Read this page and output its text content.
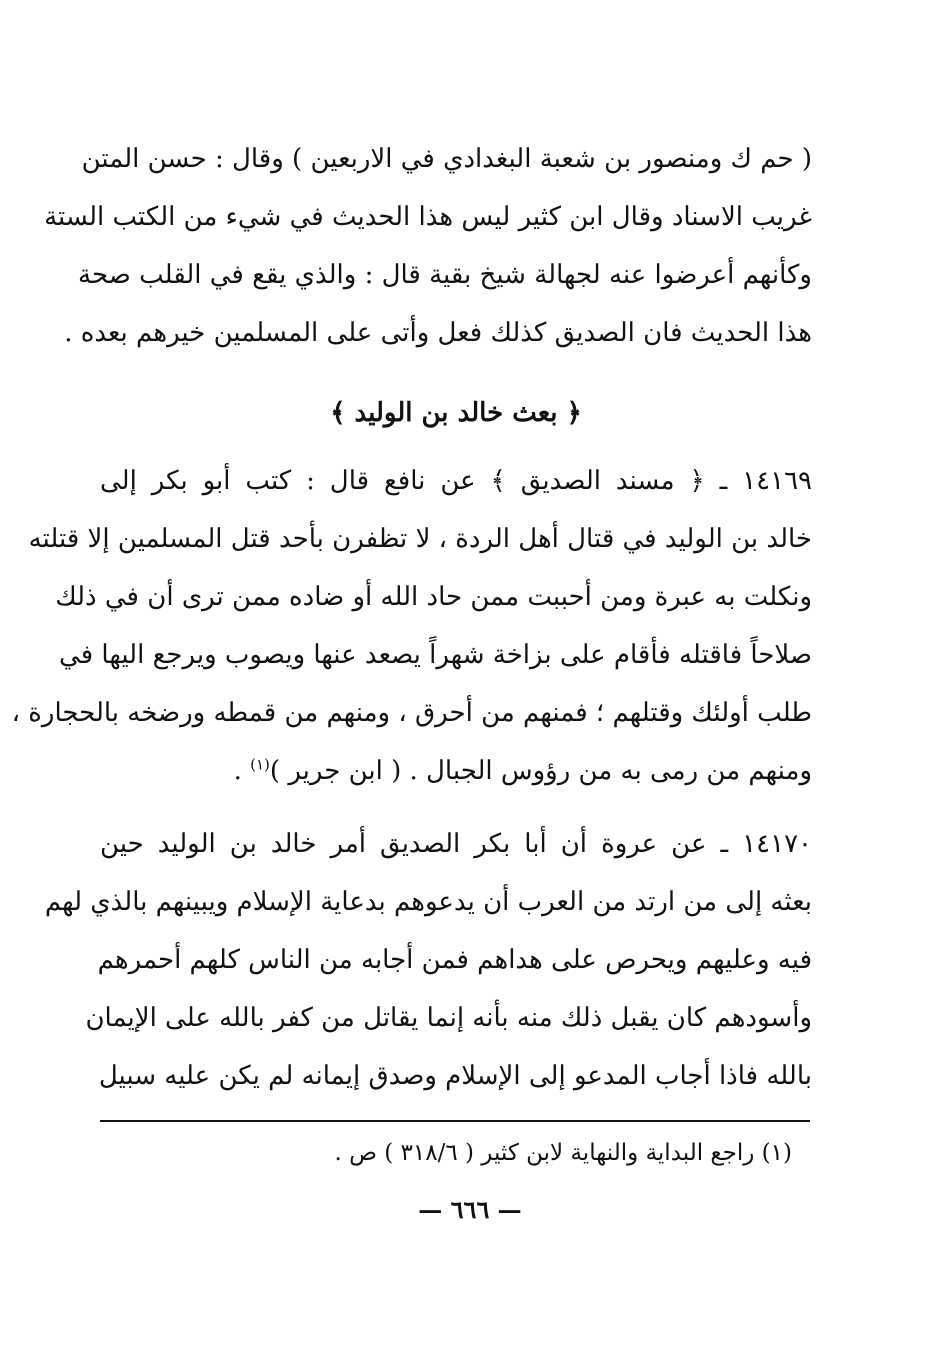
( حم ك ومنصور بن شعبة البغدادي في الاربعين ) وقال : حسن المتن
غريب الاسناد وقال ابن كثير ليس هذا الحديث في شيء من الكتب الستة
وكأنهم أعرضوا عنه لجهالة شيخ بقية قال : والذي يقع في القلب صحة
هذا الحديث فان الصديق كذلك فعل وأتى على المسلمين خيرهم بعده .
﴿ بعث خالد بن الوليد ﴾
١٤١٦٩ ـ ﴿ مسند الصديق ﴾ عن نافع قال : كتب أبو بكر إلى
خالد بن الوليد في قتال أهل الردة ، لا تظفرن بأحد قتل المسلمين إلا قتلته
ونكلت به عبرة ومن أحببت ممن حاد الله أو ضاده ممن ترى أن في ذلك
صلاحاً فاقتله فأقام على بزاخة شهراً يصعد عنها ويصوب ويرجع اليها في
طلب أولئك وقتلهم ؛ فمنهم من أحرق ، ومنهم من قمطه ورضخه بالحجارة ،
ومنهم من رمى به من رؤوس الجبال . ( ابن جرير )$^{(١)}$ .
١٤١٧٠ ـ عن عروة أن أبا بكر الصديق أمر خالد بن الوليد حين
بعثه إلى من ارتد من العرب أن يدعوهم بدعاية الإسلام ويبينهم بالذي لهم
فيه وعليهم ويحرص على هداهم فمن أجابه من الناس كلهم أحمرهم
وأسودهم كان يقبل ذلك منه بأنه إنما يقاتل من كفر بالله على الإيمان
بالله فاذا أجاب المدعو إلى الإسلام وصدق إيمانه لم يكن عليه سبيل
(١) راجع البداية والنهاية لابن كثير ( ٣١٨/٦ ) ص .
— ٦٦٦ —
